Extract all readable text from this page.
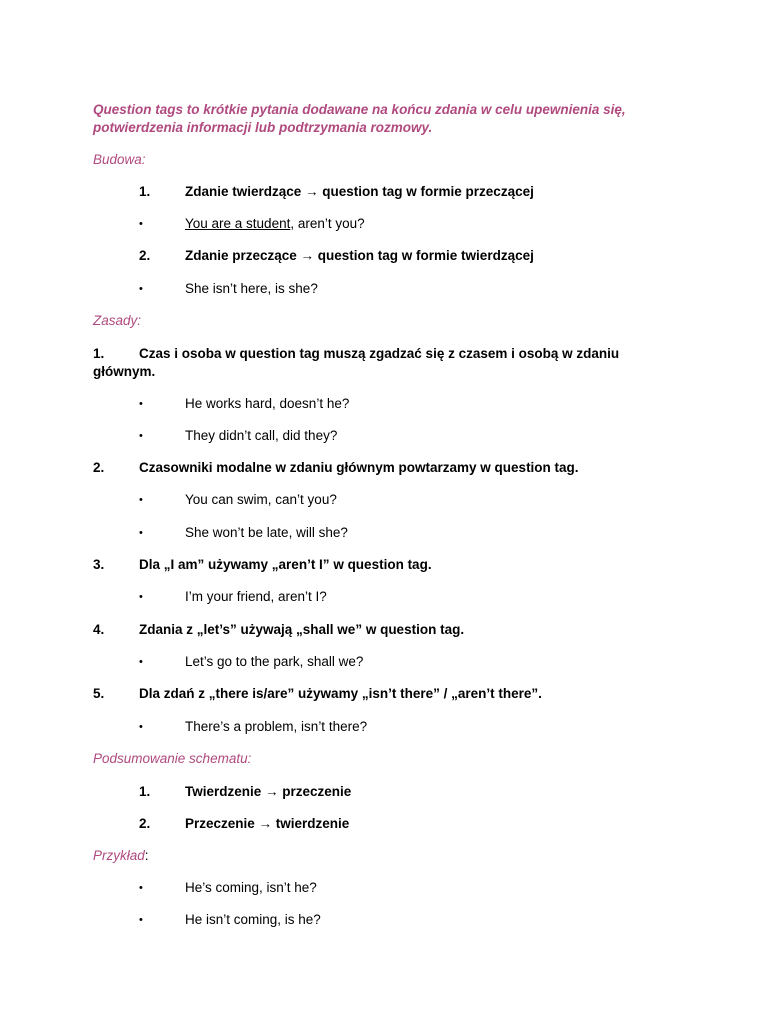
Question tags to krótkie pytania dodawane na końcu zdania w celu upewnienia się, potwierdzenia informacji lub podtrzymania rozmowy.
Budowa:
1.	Zdanie twierdzące → question tag w formie przeczącej
•	You are a student, aren’t you?
2.	Zdanie przeczące → question tag w formie twierdzącej
•	She isn’t here, is she?
Zasady:
1.	Czas i osoba w question tag muszą zgadzać się z czasem i osobą w zdaniu głównym.
•	He works hard, doesn’t he?
•	They didn’t call, did they?
2.	Czasowniki modalne w zdaniu głównym powtarzamy w question tag.
•	You can swim, can’t you?
•	She won’t be late, will she?
3.	Dla „I am” używamy „aren’t I” w question tag.
•	I’m your friend, aren’t I?
4.	Zdania z „let’s” używają „shall we” w question tag.
•	Let’s go to the park, shall we?
5.	Dla zdań z „there is/are” używamy „isn’t there” / „aren’t there”.
•	There’s a problem, isn’t there?
Podsumowanie schematu:
1.	Twierdzenie → przeczenie
2.	Przeczenie → twierdzenie
Przykład:
•	He’s coming, isn’t he?
•	He isn’t coming, is he?
